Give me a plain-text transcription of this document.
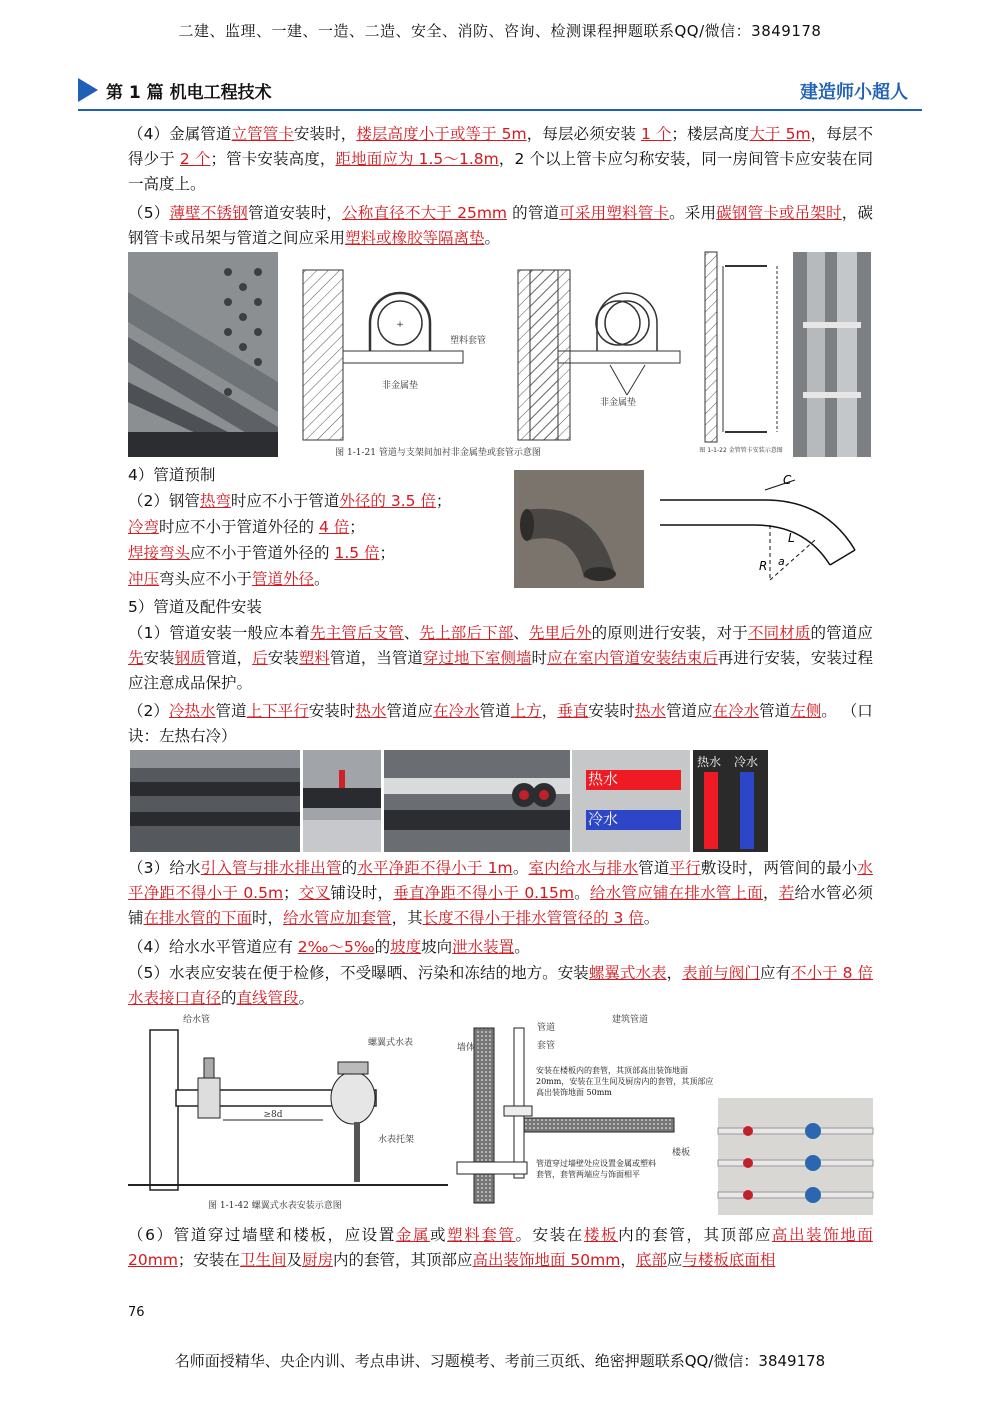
二建、监理、一建、一造、二造、安全、消防、咨询、检测课程押题联系QQ/微信：3849178
第 1 篇 机电工程技术	建造师小超人
（4）金属管道立管管卡安装时，楼层高度小于或等于 5m，每层必须安装 1 个；楼层高度大于 5m，每层不得少于 2 个；管卡安装高度，距地面应为 1.5～1.8m，2 个以上管卡应匀称安装，同一房间管卡应安装在同一高度上。
（5）薄壁不锈钢管道安装时，公称直径不大于 25mm 的管道可采用塑料管卡。采用碳钢管卡或吊架时，碳钢管卡或吊架与管道之间应采用塑料或橡胶等隔离垫。
+
塑料套管
非金属垫
非金属垫
图 1-1-21 管道与支架间加衬非金属垫或套管示意图	图 1-1-22 金管管卡安装示意图
4）管道预制
（2）钢管热弯时应不小于管道外径的 3.5 倍；
冷弯时应不小于管道外径的 4 倍；
焊接弯头应不小于管道外径的 1.5 倍；
冲压弯头应不小于管道外径。
C
L
R a
5）管道及配件安装
（1）管道安装一般应本着先主管后支管、先上部后下部、先里后外的原则进行安装，对于不同材质的管道应先安装钢质管道，后安装塑料管道，当管道穿过地下室侧墙时应在室内管道安装结束后再进行安装，安装过程应注意成品保护。
（2）冷热水管道上下平行安装时热水管道应在冷水管道上方，垂直安装时热水管道应在冷水管道左侧。 （口诀：左热右冷）
热水
冷水
热水 冷水
（3）给水引入管与排水排出管的水平净距不得小于 1m。室内给水与排水管道平行敷设时，两管间的最小水平净距不得小于 0.5m；交叉铺设时，垂直净距不得小于 0.15m。给水管应铺在排水管上面，若给水管必须铺在排水管的下面时，给水管应加套管，其长度不得小于排水管管径的 3 倍。
（4）给水水平管道应有 2‰～5‰的坡度坡向泄水装置。
（5）水表应安装在便于检修，不受曝晒、污染和冻结的地方。安装螺翼式水表，表前与阀门应有不小于 8 倍水表接口直径的直线管段。
给水管
螺翼式水表
≥8d
水表托架
图 1-1-42 螺翼式水表安装示意图
墙体
管道
套管
建筑管道
安装在楼板内的套管，其顶部高出装饰地面 20mm，安装在卫生间及厨房内的套管，其顶部应高出装饰地面 50mm
楼板
管道穿过墙壁处应设置金属或塑料套管，套管两端应与饰面相平
（6）管道穿过墙壁和楼板，应设置金属或塑料套管。安装在楼板内的套管，其顶部应高出装饰地面 20mm；安装在卫生间及厨房内的套管，其顶部应高出装饰地面 50mm，底部应与楼板底面相
76
名师面授精华、央企内训、考点串讲、习题模考、考前三页纸、绝密押题联系QQ/微信：3849178
